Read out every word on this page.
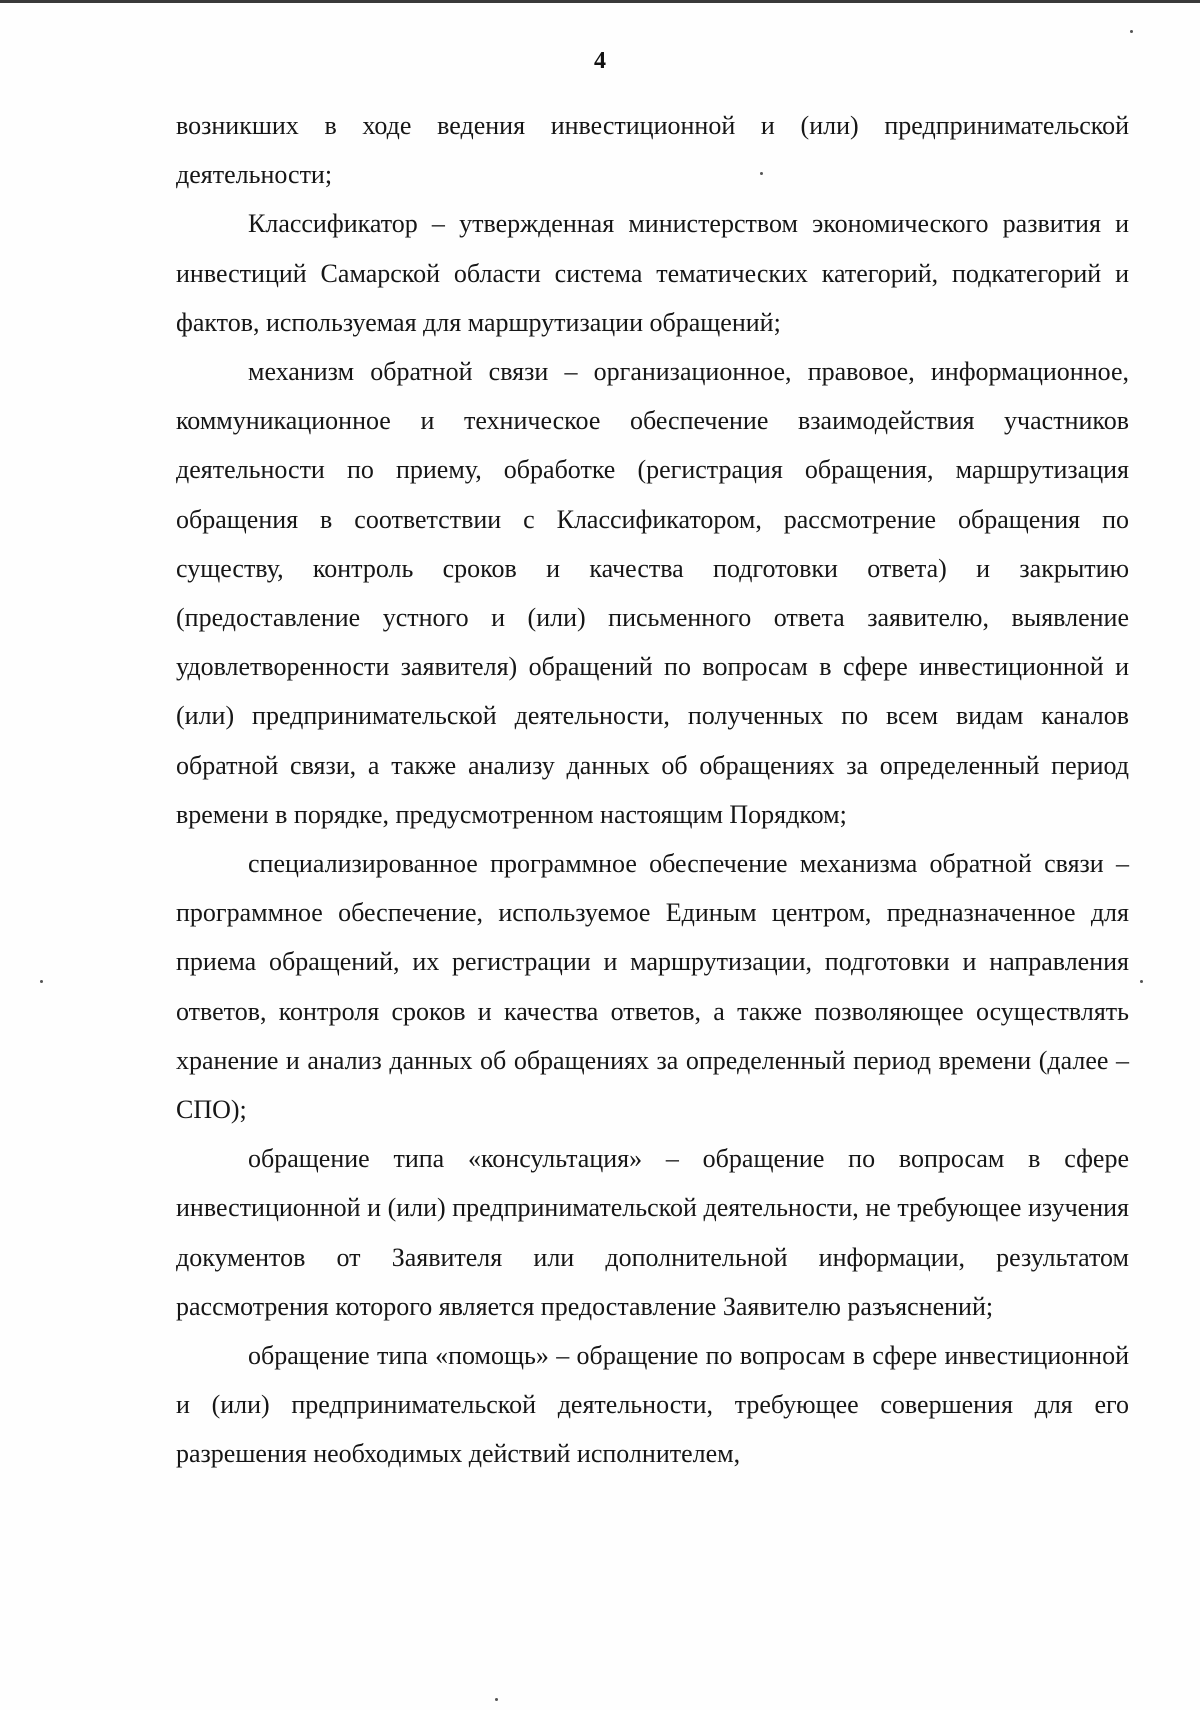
4

возникших в ходе ведения инвестиционной и (или) предпринимательской деятельности;

Классификатор – утвержденная министерством экономического развития и инвестиций Самарской области система тематических категорий, подкатегорий и фактов, используемая для маршрутизации обращений;

механизм обратной связи – организационное, правовое, информационное, коммуникационное и техническое обеспечение взаимодействия участников деятельности по приему, обработке (регистрация обращения, маршрутизация обращения в соответствии с Классификатором, рассмотрение обращения по существу, контроль сроков и качества подготовки ответа) и закрытию (предоставление устного и (или) письменного ответа заявителю, выявление удовлетворенности заявителя) обращений по вопросам в сфере инвестиционной и (или) предпринимательской деятельности, полученных по всем видам каналов обратной связи, а также анализу данных об обращениях за определенный период времени в порядке, предусмотренном настоящим Порядком;

специализированное программное обеспечение механизма обратной связи – программное обеспечение, используемое Единым центром, предназначенное для приема обращений, их регистрации и маршрутизации, подготовки и направления ответов, контроля сроков и качества ответов, а также позволяющее осуществлять хранение и анализ данных об обращениях за определенный период времени (далее – СПО);

обращение типа «консультация» – обращение по вопросам в сфере инвестиционной и (или) предпринимательской деятельности, не требующее изучения документов от Заявителя или дополнительной информации, результатом рассмотрения которого является предоставление Заявителю разъяснений;

обращение типа «помощь» – обращение по вопросам в сфере инвестиционной и (или) предпринимательской деятельности, требующее совершения для его разрешения необходимых действий исполнителем,
